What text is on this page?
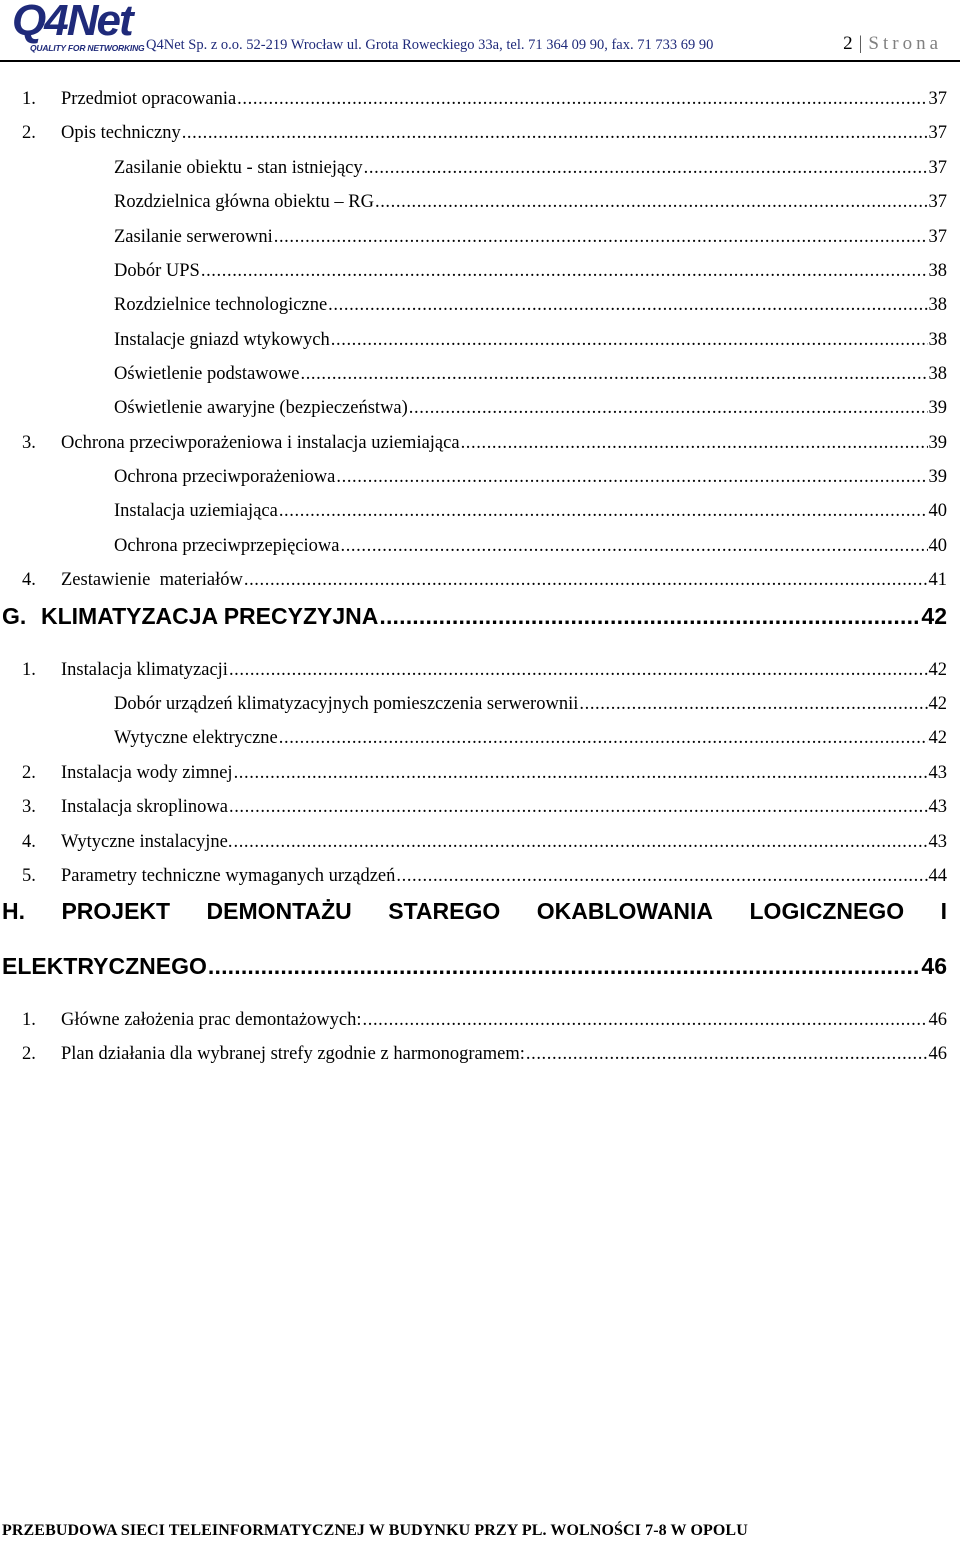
Q4Net
QUALITY FOR NETWORKING Q4Net Sp. z o.o. 52-219 Wrocław ul. Grota Roweckiego 33a, tel. 71 364 09 90, fax. 71 733 69 90	2 | Strona
1.	Przedmiot opracowania .....	37
2.	Opis techniczny .....	37
Zasilanie obiektu - stan istniejący .....	37
Rozdzielnica główna obiektu – RG .....	37
Zasilanie serwerowni .....	37
Dobór UPS .....	38
Rozdzielnice technologiczne .....	38
Instalacje gniazd wtykowych .....	38
Oświetlenie podstawowe .....	38
Oświetlenie awaryjne (bezpieczeństwa) .....	39
3.	Ochrona przeciwporażeniowa i instalacja uziemiająca .....	39
Ochrona przeciwporażeniowa .....	39
Instalacja uziemiająca .....	40
Ochrona przeciwprzepięciowa .....	40
4.	Zestawienie  materiałów .....	41
G. KLIMATYZACJA PRECYZYJNA .....	42
1.	Instalacja klimatyzacji .....	42
Dobór urządzeń klimatyzacyjnych pomieszczenia serwerownii .....	42
Wytyczne elektryczne .....	42
2.	Instalacja wody zimnej .....	43
3.	Instalacja skroplinowa .....	43
4.	Wytyczne instalacyjne. .....	43
5.	Parametry techniczne wymaganych urządzeń .....	44
H. PROJEKT DEMONTAŻU STAREGO OKABLOWANIA LOGICZNEGO I
ELEKTRYCZNEGO .....	46
1.	Główne założenia prac demontażowych: .....	46
2.	Plan działania dla wybranej strefy zgodnie z harmonogramem: .....	46
PRZEBUDOWA SIECI TELEINFORMATYCZNEJ W BUDYNKU PRZY PL. WOLNOŚCI 7-8 W OPOLU
